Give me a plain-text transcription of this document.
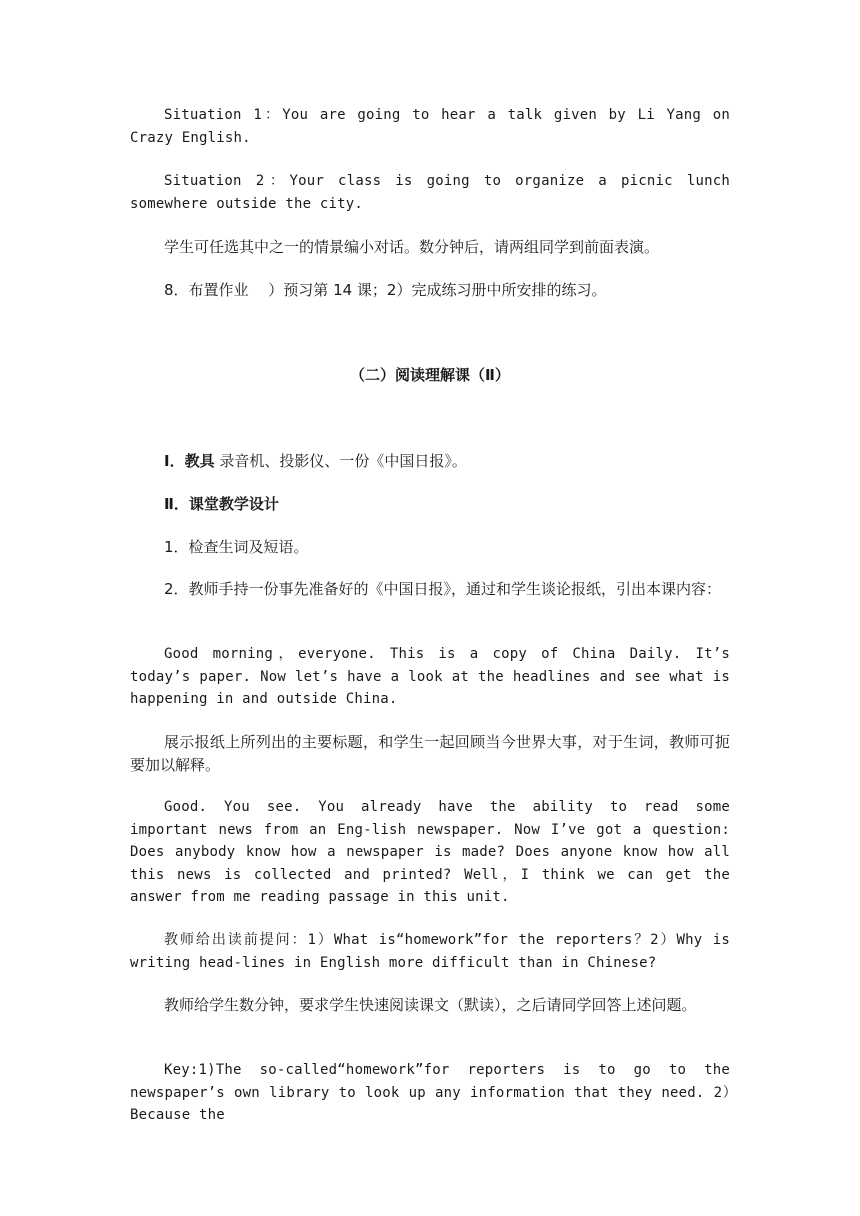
Situation 1：You are going to hear a talk given by Li Yang on Crazy English.

Situation 2：Your class is going to organize a picnic lunch somewhere outside the city.

学生可任选其中之一的情景编小对话。数分钟后，请两组同学到前面表演。

8．布置作业　 ）预习第 14 课；2）完成练习册中所安排的练习。

（二）阅读理解课（Ⅱ）

Ⅰ．教具 录音机、投影仪、一份《中国日报》。

Ⅱ．课堂教学设计

1．检查生词及短语。

2．教师手持一份事先准备好的《中国日报》，通过和学生谈论报纸，引出本课内容：

Good morning，everyone. This is a copy of China Daily. It’s today’s paper. Now let’s have a look at the headlines and see what is happening in and outside China.

展示报纸上所列出的主要标题，和学生一起回顾当今世界大事，对于生词，教师可扼要加以解释。

Good. You see. You already have the ability to read some important news from an Eng-lish newspaper. Now I’ve got a question: Does anybody know how a newspaper is made? Does anyone know how all this news is collected and printed? Well，I think we can get the answer from me reading passage in this unit.

教师给出读前提问：1）What is“homework”for the reporters？2）Why is writing head-lines in English more difficult than in Chinese?

教师给学生数分钟，要求学生快速阅读课文（默读），之后请同学回答上述问题。

Key:1)The so-called“homework”for reporters is to go to the newspaper’s own library to look up any information that they need. 2）Because the
